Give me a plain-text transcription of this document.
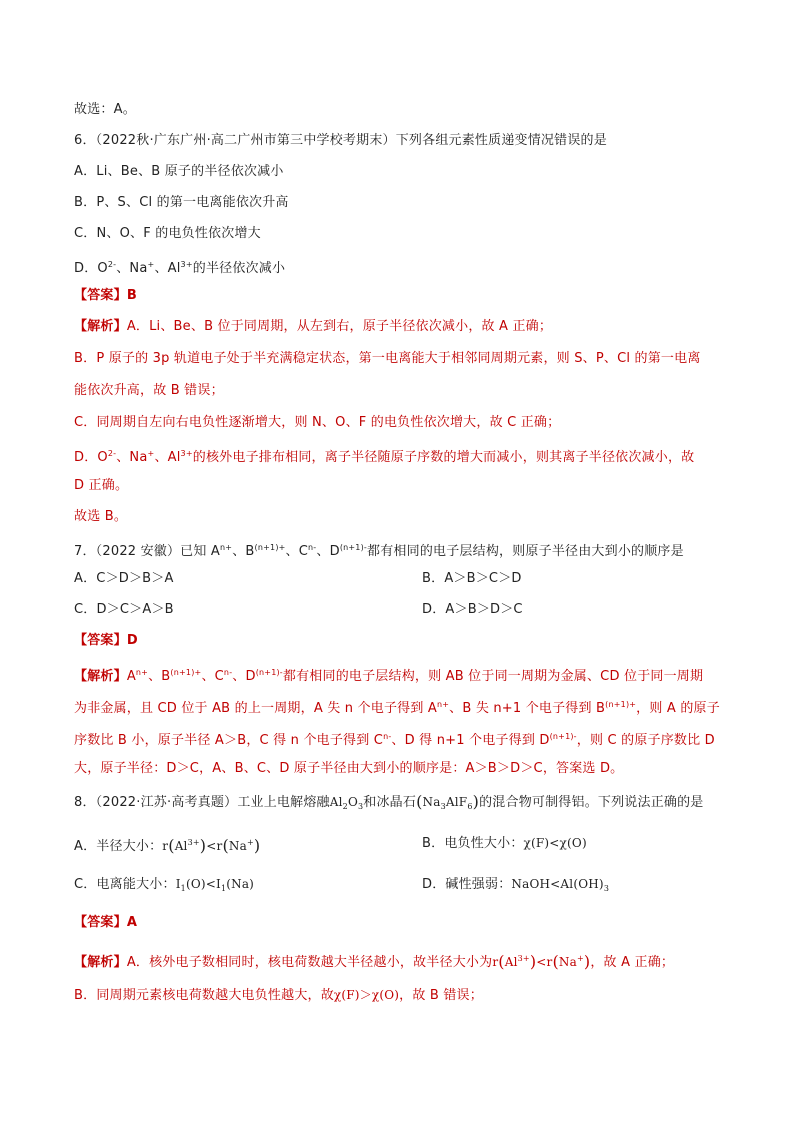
故选：A。
6．（2022秋·广东广州·高二广州市第三中学校考期末）下列各组元素性质递变情况错误的是
A．Li、Be、B 原子的半径依次减小
B．P、S、Cl 的第一电离能依次升高
C．N、O、F 的电负性依次增大
D．$O^{2-}$、Na+、$Al^{3+}$的半径依次减小
【答案】B
【解析】A．Li、Be、B 位于同周期，从左到右，原子半径依次减小，故 A 正确；
B．P 原子的 3p 轨道电子处于半充满稳定状态，第一电离能大于相邻同周期元素，则 S、P、Cl 的第一电离
能依次升高，故 B 错误；
C．同周期自左向右电负性逐渐增大，则 N、O、F 的电负性依次增大，故 C 正确；
D．$O^{2-}$、Na+、$Al^{3+}$的核外电子排布相同，离子半径随原子序数的增大而减小，则其离子半径依次减小，故
D 正确。
故选 B。
7．（2022 安徽）已知 $A^{n+}$、$B^{(n+1)+}$、$C^{n-}$、$D^{(n+1)-}$都有相同的电子层结构，则原子半径由大到小的顺序是
A．C＞D＞B＞A	B．A＞B＞C＞D
C．D＞C＞A＞B	D．A＞B＞D＞C
【答案】D
【解析】$A^{n+}$、$B^{(n+1)+}$、$C^{n-}$、$D^{(n+1)-}$都有相同的电子层结构，则 AB 位于同一周期为金属、CD 位于同一周期
为非金属，且 CD 位于 AB 的上一周期，A 失 n 个电子得到 $A^{n+}$、B 失 n+1 个电子得到 $B^{(n+1)+}$，则 A 的原子
序数比 B 小，原子半径 A＞B，C 得 n 个电子得到 $C^{n-}$、D 得 n+1 个电子得到 $D^{(n+1)-}$，则 C 的原子序数比 D
大，原子半径：D＞C，A、B、C、D 原子半径由大到小的顺序是：A＞B＞D＞C，答案选 D。
8．（2022·江苏·高考真题）工业上电解熔融$Al_2O_3$和冰晶石$(Na_3AlF_6)$的混合物可制得铝。下列说法正确的是
A．半径大小：$r(Al^{3+})<r(Na^+)$	B．电负性大小：χ(F)<χ(O)
C．电离能大小：$I_1(O)<I_1(Na)$	D．碱性强弱：$NaOH<Al(OH)_3$
【答案】A
【解析】A．核外电子数相同时，核电荷数越大半径越小，故半径大小为$r(Al^{3+})<r(Na^+)$，故 A 正确；
B．同周期元素核电荷数越大电负性越大，故χ(F)＞χ(O)，故 B 错误；
